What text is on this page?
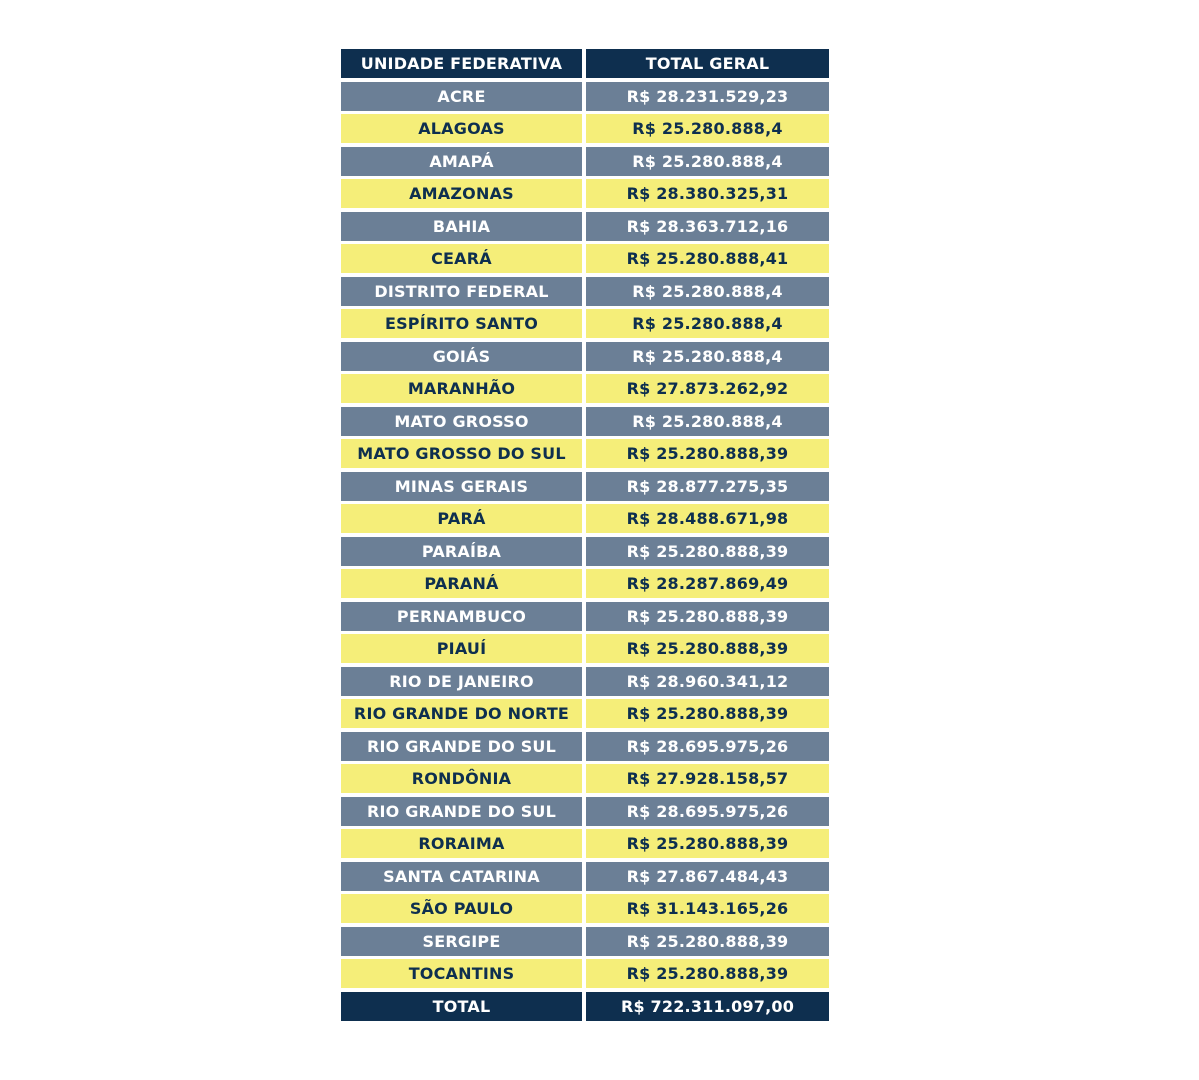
UNIDADE FEDERATIVA	TOTAL GERAL
ACRE	R$ 28.231.529,23
ALAGOAS	R$ 25.280.888,4
AMAPÁ	R$ 25.280.888,4
AMAZONAS	R$ 28.380.325,31
BAHIA	R$ 28.363.712,16
CEARÁ	R$ 25.280.888,41
DISTRITO FEDERAL	R$ 25.280.888,4
ESPÍRITO SANTO	R$ 25.280.888,4
GOIÁS	R$ 25.280.888,4
MARANHÃO	R$ 27.873.262,92
MATO GROSSO	R$ 25.280.888,4
MATO GROSSO DO SUL	R$ 25.280.888,39
MINAS GERAIS	R$ 28.877.275,35
PARÁ	R$ 28.488.671,98
PARAÍBA	R$ 25.280.888,39
PARANÁ	R$ 28.287.869,49
PERNAMBUCO	R$ 25.280.888,39
PIAUÍ	R$ 25.280.888,39
RIO DE JANEIRO	R$ 28.960.341,12
RIO GRANDE DO NORTE	R$ 25.280.888,39
RIO GRANDE DO SUL	R$ 28.695.975,26
RONDÔNIA	R$ 27.928.158,57
RIO GRANDE DO SUL	R$ 28.695.975,26
RORAIMA	R$ 25.280.888,39
SANTA CATARINA	R$ 27.867.484,43
SÃO PAULO	R$ 31.143.165,26
SERGIPE	R$ 25.280.888,39
TOCANTINS	R$ 25.280.888,39
TOTAL	R$ 722.311.097,00
